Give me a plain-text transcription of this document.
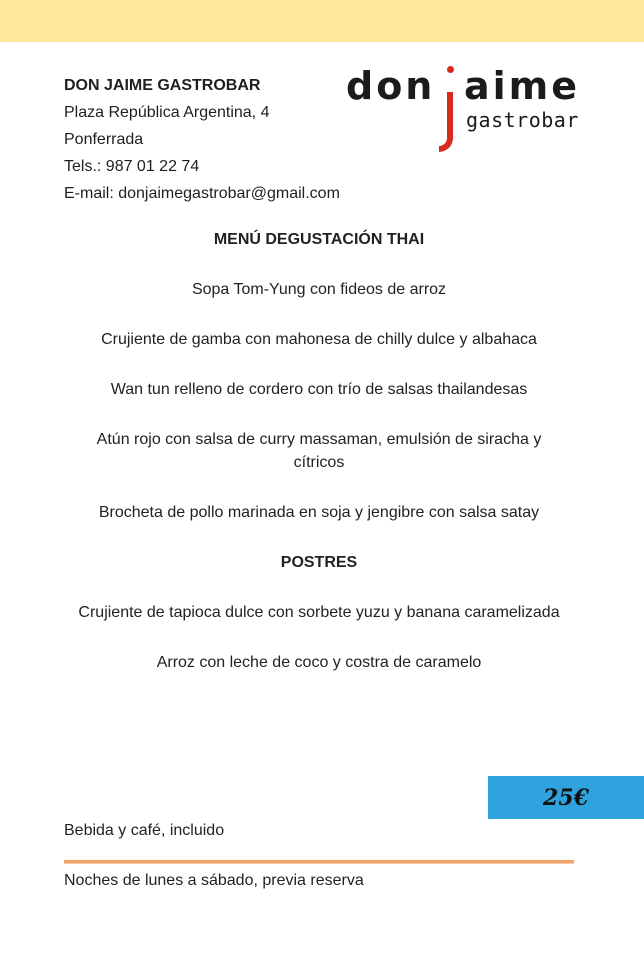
DON JAIME GASTROBAR
Plaza República Argentina, 4
Ponferrada
Tels.: 987 01 22 74
E-mail: donjaimegastrobar@gmail.com
don aime
gastrobar
MENÚ DEGUSTACIÓN THAI

Sopa Tom-Yung con fideos de arroz

Crujiente de gamba con mahonesa de chilly dulce y albahaca

Wan tun relleno de cordero con trío de salsas thailandesas

Atún rojo con salsa de curry massaman, emulsión de siracha y cítricos

Brocheta de pollo marinada en soja y jengibre con salsa satay

POSTRES

Crujiente de tapioca dulce con sorbete yuzu y banana caramelizada

Arroz con leche de coco y costra de caramelo

25€
Bebida y café, incluido
Noches de lunes a sábado, previa reserva
